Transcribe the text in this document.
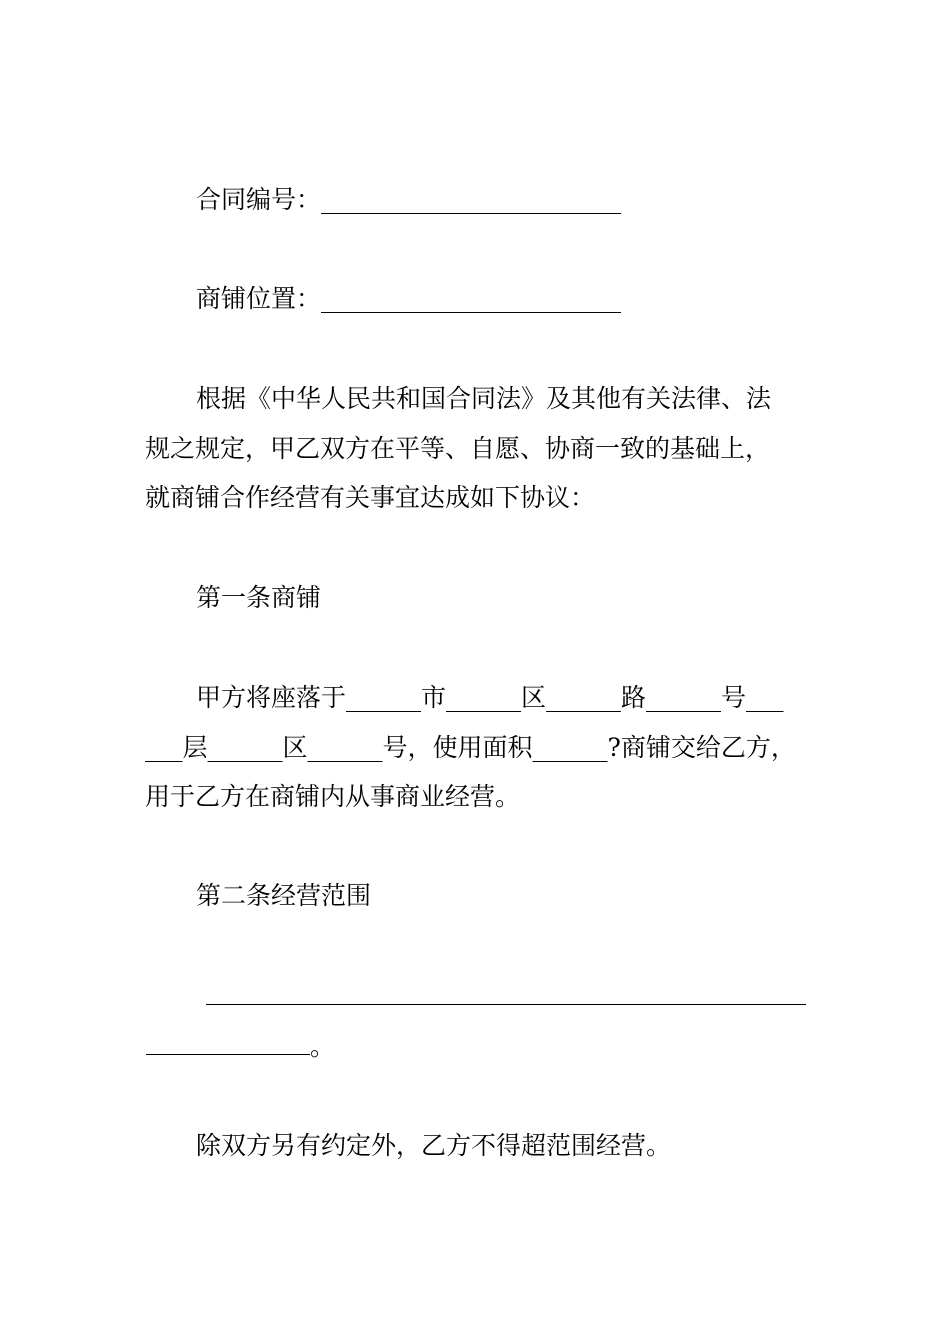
合同编号：________________________
商铺位置：________________________
根据《中华人民共和国合同法》及其他有关法律、法
规之规定，甲乙双方在平等、自愿、协商一致的基础上，
就商铺合作经营有关事宜达成如下协议：
第一条商铺
甲方将座落于______市______区______路______号___
___层______区______号，使用面积______?商铺交给乙方，
用于乙方在商铺内从事商业经营。
第二条经营范围
。
除双方另有约定外，乙方不得超范围经营。
